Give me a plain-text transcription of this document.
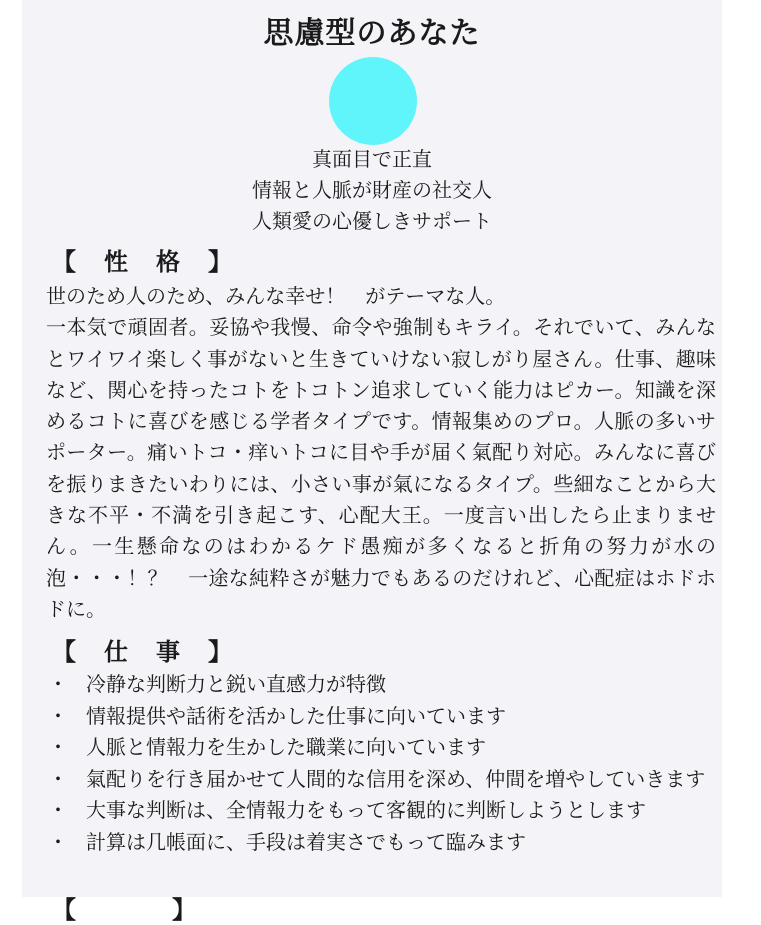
思慮型のあなた
真面目で正直
情報と人脈が財産の社交人
人類愛の心優しきサポート
【　性　格　】

世のため人のため、みんな幸せ！　がテーマな人。

一本気で頑固者。妥協や我慢、命令や強制もキライ。それでいて、みんなとワイワイ楽しく事がないと生きていけない寂しがり屋さん。仕事、趣味など、関心を持ったコトをトコトン追求していく能力はピカー。知識を深めるコトに喜びを感じる学者タイプです。情報集めのプロ。人脈の多いサポーター。痛いトコ・痒いトコに目や手が届く氣配り対応。みんなに喜びを振りまきたいわりには、小さい事が氣になるタイプ。些細なことから大きな不平・不満を引き起こす、心配大王。一度言い出したら止まりません。一生懸命なのはわかるケド愚痴が多くなると折角の努力が水の泡・・・！？　一途な純粋さが魅力でもあるのだけれど、心配症はホドホドに。

【　仕　事　】
・ 冷静な判断力と鋭い直感力が特徴
・ 情報提供や話術を活かした仕事に向いています
・ 人脈と情報力を生かした職業に向いています
・ 氣配りを行き届かせて人間的な信用を深め、仲間を増やしていきます
・ 大事な判断は、全情報力をもって客観的に判断しようとします
・ 計算は几帳面に、手段は着実さでもって臨みます
【　　　　】
